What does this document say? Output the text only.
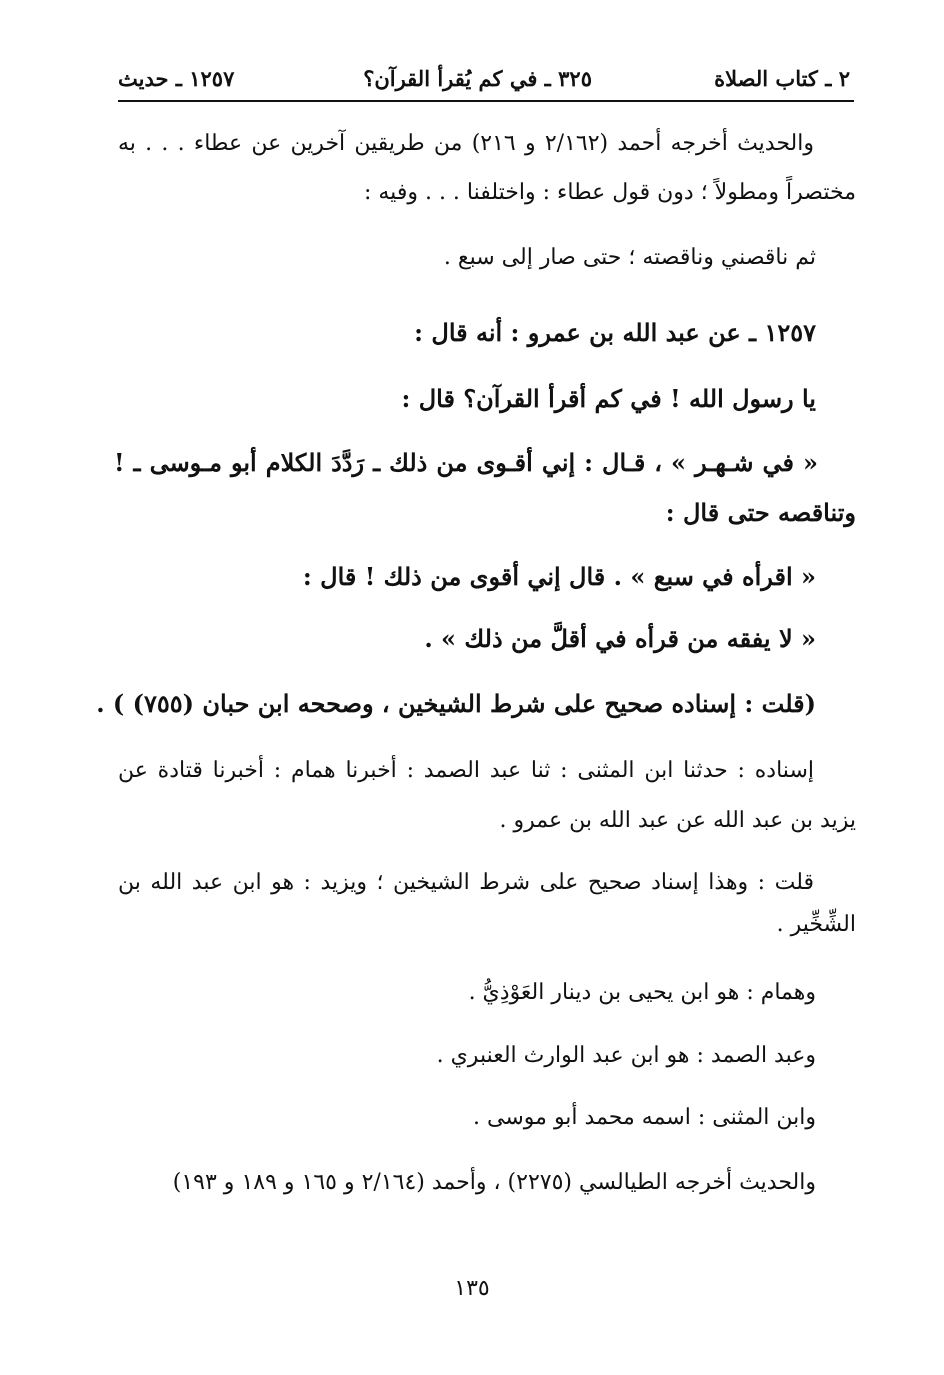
٢ ـ كتاب الصلاة
٣٢٥ ـ في كم يُقرأ القرآن؟
١٢٥٧ ـ حديث
والحديث أخرجه أحمد (٢/١٦٢ و ٢١٦) من طريقين آخرين عن عطاء . . . به
مختصراً ومطولاً ؛ دون قول عطاء : واختلفنا . . . وفيه :
ثم ناقصني وناقصته ؛ حتى صار إلى سبع .
١٢٥٧ ـ عن عبد الله بن عمرو : أنه قال :
يا رسول الله ! في كم أقرأ القرآن؟ قال :
« في شـهـر » ، قـال : إني أقـوى من ذلك ـ رَدَّدَ الكلام أبو مـوسى ـ !
وتناقصه حتى قال :
« اقرأه في سبع » . قال إني أقوى من ذلك ! قال :
« لا يفقه من قرأه في أقلَّ من ذلك » .
(قلت : إسناده صحيح على شرط الشيخين ، وصححه ابن حبان (٧٥٥) ) .
إسناده : حدثنا ابن المثنى : ثنا عبد الصمد : أخبرنا همام : أخبرنا قتادة عن
يزيد بن عبد الله عن عبد الله بن عمرو .
قلت : وهذا إسناد صحيح على شرط الشيخين ؛ ويزيد : هو ابن عبد الله بن
الشِّخِّير .
وهمام : هو ابن يحيى بن دينار العَوْذِيُّ .
وعبد الصمد : هو ابن عبد الوارث العنبري .
وابن المثنى : اسمه محمد أبو موسى .
والحديث أخرجه الطيالسي (٢٢٧٥) ، وأحمد (٢/١٦٤ و ١٦٥ و ١٨٩ و ١٩٣)
١٣٥
